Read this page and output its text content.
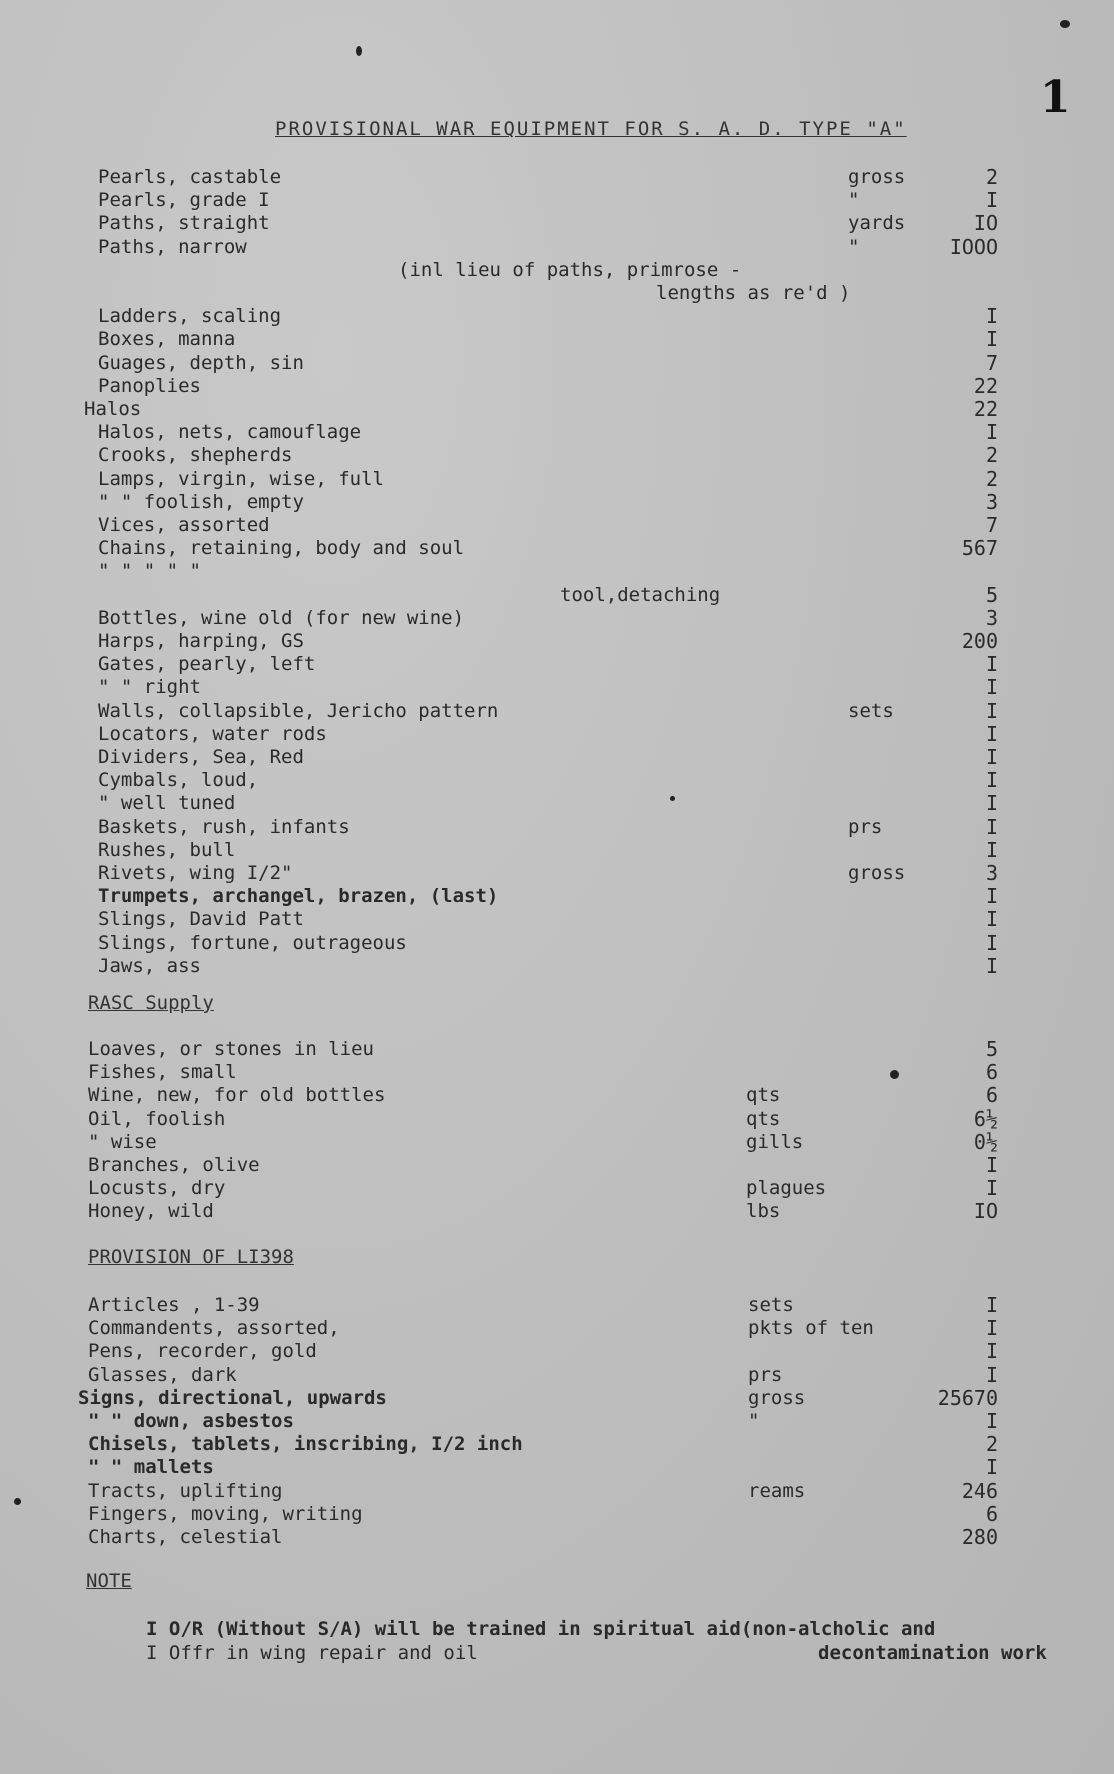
1
PROVISIONAL WAR EQUIPMENT FOR S. A. D. TYPE "A"
Pearls, castable	gross	2
Pearls, grade I	"	I
Paths, straight	yards	IO
Paths, narrow	"	IOOO
(inl lieu of paths, primrose -
lengths as re'd )
Ladders, scaling	I
Boxes, manna	I
Guages, depth, sin	7
Panoplies	22
Halos	22
Halos, nets, camouflage	I
Crooks, shepherds	2
Lamps, virgin, wise, full	2
" " foolish, empty	3
Vices, assorted	7
Chains, retaining, body and soul	567
" " " " "
tool,detaching	5
Bottles, wine old (for new wine)	3
Harps, harping, GS	200
Gates, pearly, left	I
" " right	I
Walls, collapsible, Jericho pattern	sets	I
Locators, water rods	I
Dividers, Sea, Red	I
Cymbals, loud,	I
" well tuned	I
Baskets, rush, infants	prs	I
Rushes, bull	I
Rivets, wing I/2"	gross	3
Trumpets, archangel, brazen, (last)	I
Slings, David Patt	I
Slings, fortune, outrageous	I
Jaws, ass	I
RASC Supply
Loaves, or stones in lieu	5
Fishes, small	6
Wine, new, for old bottles	qts	6
Oil, foolish	qts	6½
" wise	gills	0½
Branches, olive	I
Locusts, dry	plagues	I
Honey, wild	lbs	IO
PROVISION OF LI398
Articles , 1-39	sets	I
Commandents, assorted,	pkts of ten	I
Pens, recorder, gold	I
Glasses, dark	prs	I
Signs, directional, upwards	gross	25670
" " down, asbestos	"	I
Chisels, tablets, inscribing, I/2 inch	2
" " mallets	I
Tracts, uplifting	reams	246
Fingers, moving, writing	6
Charts, celestial	280
NOTE
I O/R (Without S/A) will be trained in spiritual aid(non-alcholic and
I Offr in wing repair and oil	decontamination work
